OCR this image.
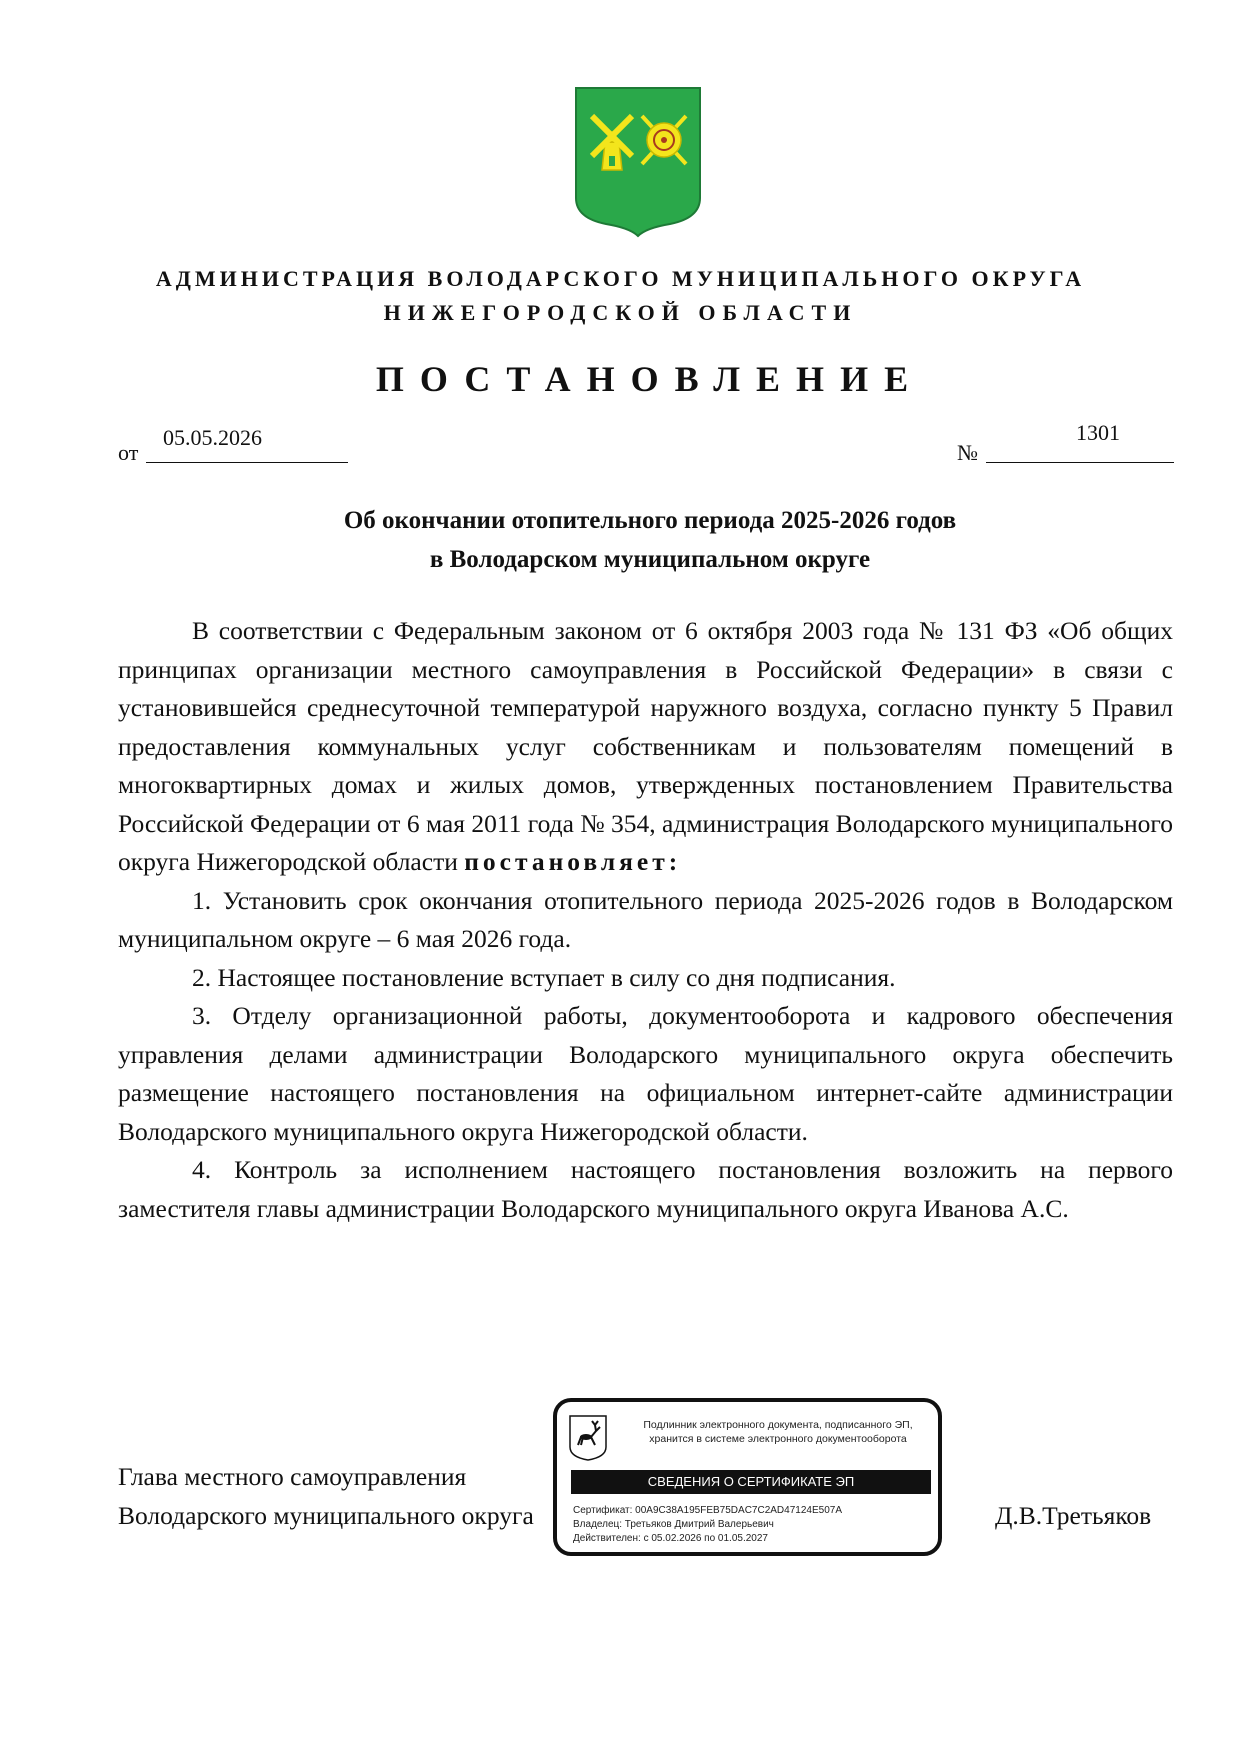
АДМИНИСТРАЦИЯ ВОЛОДАРСКОГО МУНИЦИПАЛЬНОГО ОКРУГА
НИЖЕГОРОДСКОЙ ОБЛАСТИ
ПОСТАНОВЛЕНИЕ
от
05.05.2026
№
1301
Об окончании отопительного периода 2025-2026 годов
в Володарском муниципальном округе

В соответствии с Федеральным законом от 6 октября 2003 года № 131 ФЗ «Об общих принципах организации местного самоуправления в Российской Федерации» в связи с установившейся среднесуточной температурой наружного воздуха, согласно пункту 5 Правил предоставления коммунальных услуг собственникам и пользователям помещений в многоквартирных домах и жилых домов, утвержденных постановлением Правительства Российской Федерации от 6 мая 2011 года № 354, администрация Володарского муниципального округа Нижегородской области постановляет:

1. Установить срок окончания отопительного периода 2025-2026 годов в Володарском муниципальном округе – 6 мая 2026 года.

2. Настоящее постановление вступает в силу со дня подписания.

3. Отделу организационной работы, документооборота и кадрового обеспечения управления делами администрации Володарского муниципального округа обеспечить размещение настоящего постановления на официальном интернет-сайте администрации Володарского муниципального округа Нижегородской области.

4. Контроль за исполнением настоящего постановления возложить на первого заместителя главы администрации Володарского муниципального округа Иванова А.С.

Глава местного самоуправления
Володарского муниципального округа	Д.В.Третьяков
Подлинник электронного документа, подписанного ЭП,
хранится в системе электронного документооборота
СВЕДЕНИЯ О СЕРТИФИКАТЕ ЭП
Сертификат: 00A9C38A195FEB75DAC7C2AD47124E507A
Владелец: Третьяков Дмитрий Валерьевич
Действителен: с 05.02.2026 по 01.05.2027
